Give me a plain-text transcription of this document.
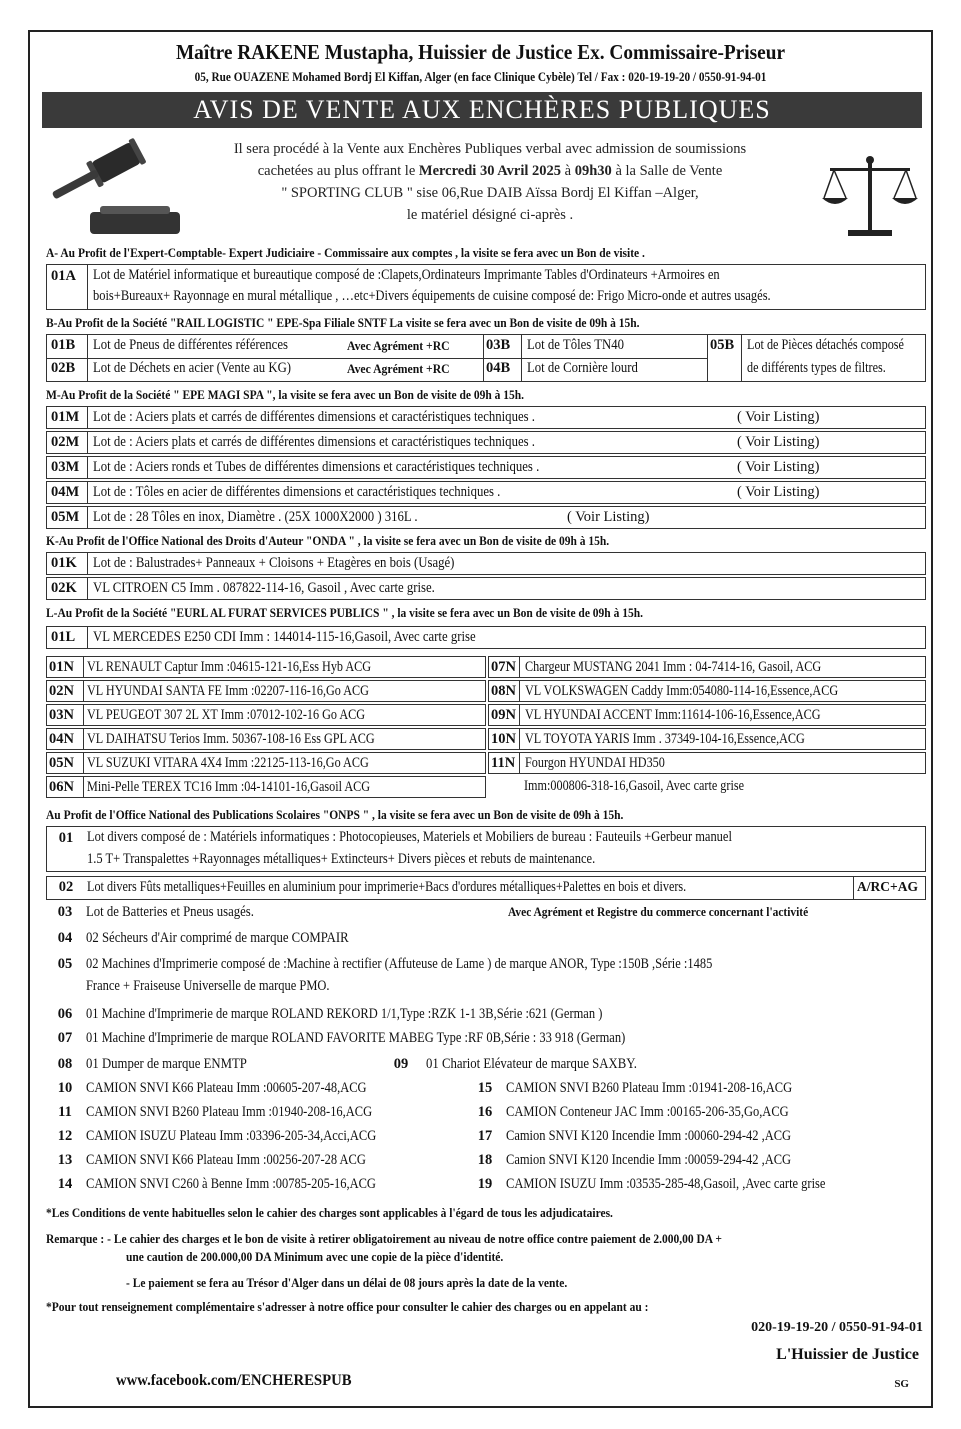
Maître RAKENE Mustapha, Huissier de Justice Ex. Commissaire-Priseur
05, Rue OUAZENE Mohamed Bordj El Kiffan, Alger (en face Clinique Cybèle) Tel / Fax : 020-19-19-20 / 0550-91-94-01
AVIS DE VENTE AUX ENCHÈRES PUBLIQUES
Il sera procédé à la Vente aux Enchères Publiques verbal avec admission de soumissions
cachetées au plus offrant le Mercredi 30 Avril 2025 à 09h30 à la Salle de Vente
" SPORTING CLUB " sise 06,Rue DAIB Aïssa Bordj El Kiffan –Alger,
le matériel désigné ci-après .
A- Au Profit de l'Expert-Comptable- Expert Judiciaire - Commissaire aux comptes , la visite se fera avec un Bon de visite .
01A Lot de Matériel informatique et bureautique composé de :Clapets,Ordinateurs Imprimante Tables d'Ordinateurs +Armoires en
bois+Bureaux+ Rayonnage en mural métallique , …etc+Divers équipements de cuisine composé de: Frigo Micro-onde et autres usagés.
B-Au Profit de la Société "RAIL LOGISTIC " EPE-Spa Filiale SNTF La visite se fera avec un Bon de visite de 09h à 15h.
01B Lot de Pneus de différentes références	Avec Agrément +RC
02B Lot de Déchets en acier (Vente au KG)	Avec Agrément +RC
03B Lot de Tôles TN40
04B Lot de Cornière lourd
05B Lot de Pièces détachés composé
de différents types de filtres.
M-Au Profit de la Société " EPE MAGI SPA ", la visite se fera avec un Bon de visite de 09h à 15h.
01M Lot de : Aciers plats et carrés de différentes dimensions et caractéristiques techniques .	( Voir Listing)
02M Lot de : Aciers plats et carrés de différentes dimensions et caractéristiques techniques .	( Voir Listing)
03M Lot de : Aciers ronds et Tubes de différentes dimensions et caractéristiques techniques .	( Voir Listing)
04M Lot de : Tôles en acier de différentes dimensions et caractéristiques techniques .	( Voir Listing)
05M Lot de : 28 Tôles en inox, Diamètre . (25X 1000X2000 ) 316L .	( Voir Listing)
K-Au Profit de l'Office National des Droits d'Auteur "ONDA " , la visite se fera avec un Bon de visite de 09h à 15h.
01K Lot de : Balustrades+ Panneaux + Cloisons + Etagères en bois (Usagé)
02K VL CITROEN C5 Imm . 087822-114-16, Gasoil , Avec carte grise.
L-Au Profit de la Société "EURL AL FURAT SERVICES PUBLICS " , la visite se fera avec un Bon de visite de 09h à 15h.
01L VL MERCEDES E250 CDI Imm : 144014-115-16,Gasoil, Avec carte grise
01N VL RENAULT Captur Imm :04615-121-16,Ess Hyb ACG	07N Chargeur MUSTANG 2041 Imm : 04-7414-16, Gasoil, ACG
02N VL HYUNDAI SANTA FE Imm :02207-116-16,Go ACG	08N VL VOLKSWAGEN Caddy Imm:054080-114-16,Essence,ACG
03N VL PEUGEOT 307 2L XT Imm :07012-102-16 Go ACG	09N VL HYUNDAI ACCENT Imm:11614-106-16,Essence,ACG
04N VL DAIHATSU Terios Imm. 50367-108-16 Ess GPL ACG	10N VL TOYOTA YARIS Imm . 37349-104-16,Essence,ACG
05N VL SUZUKI VITARA 4X4 Imm :22125-113-16,Go ACG	11N Fourgon HYUNDAI HD350
06N Mini-Pelle TEREX TC16 Imm :04-14101-16,Gasoil ACG	Imm:000806-318-16,Gasoil, Avec carte grise
Au Profit de l'Office National des Publications Scolaires "ONPS " , la visite se fera avec un Bon de visite de 09h à 15h.
01 Lot divers composé de : Matériels informatiques : Photocopieuses, Materiels et Mobiliers de bureau : Fauteuils +Gerbeur manuel
1.5 T+ Transpalettes +Rayonnages métalliques+ Extincteurs+ Divers pièces et rebuts de maintenance.
02 Lot divers Fûts metalliques+Feuilles en aluminium pour imprimerie+Bacs d'ordures métalliques+Palettes en bois et divers.	A/RC+AG
03 Lot de Batteries et Pneus usagés.	Avec Agrément et Registre du commerce concernant l'activité
04 02 Sécheurs d'Air comprimé de marque COMPAIR
05 02 Machines d'Imprimerie composé de :Machine à rectifier (Affuteuse de Lame ) de marque ANOR, Type :150B ,Série :1485
France + Fraiseuse Universelle de marque PMO.
06 01 Machine d'Imprimerie de marque ROLAND REKORD 1/1,Type :RZK 1-1 3B,Série :621 (German )
07 01 Machine d'Imprimerie de marque ROLAND FAVORITE MABEG Type :RF 0B,Série : 33 918 (German)
08 01 Dumper de marque ENMTP	09	01 Chariot Elévateur de marque SAXBY.
10 CAMION SNVI K66 Plateau Imm :00605-207-48,ACG	15 CAMION SNVI B260 Plateau Imm :01941-208-16,ACG
11 CAMION SNVI B260 Plateau Imm :01940-208-16,ACG	16 CAMION Conteneur JAC Imm :00165-206-35,Go,ACG
12 CAMION ISUZU Plateau Imm :03396-205-34,Acci,ACG	17 Camion SNVI K120 Incendie Imm :00060-294-42 ,ACG
13 CAMION SNVI K66 Plateau Imm :00256-207-28 ACG	18 Camion SNVI K120 Incendie Imm :00059-294-42 ,ACG
14 CAMION SNVI C260 à Benne Imm :00785-205-16,ACG	19 CAMION ISUZU Imm :03535-285-48,Gasoil, ,Avec carte grise
*Les Conditions de vente habituelles selon le cahier des charges sont applicables à l'égard de tous les adjudicataires.
Remarque : - Le cahier des charges et le bon de visite à retirer obligatoirement au niveau de notre office contre paiement de 2.000,00 DA +
une caution de 200.000,00 DA Minimum avec une copie de la pièce d'identité.
- Le paiement se fera au Trésor d'Alger dans un délai de 08 jours après la date de la vente.
*Pour tout renseignement complémentaire s'adresser à notre office pour consulter le cahier des charges ou en appelant au :
020-19-19-20 / 0550-91-94-01
L'Huissier de Justice
www.facebook.com/ENCHERESPUB	SG
